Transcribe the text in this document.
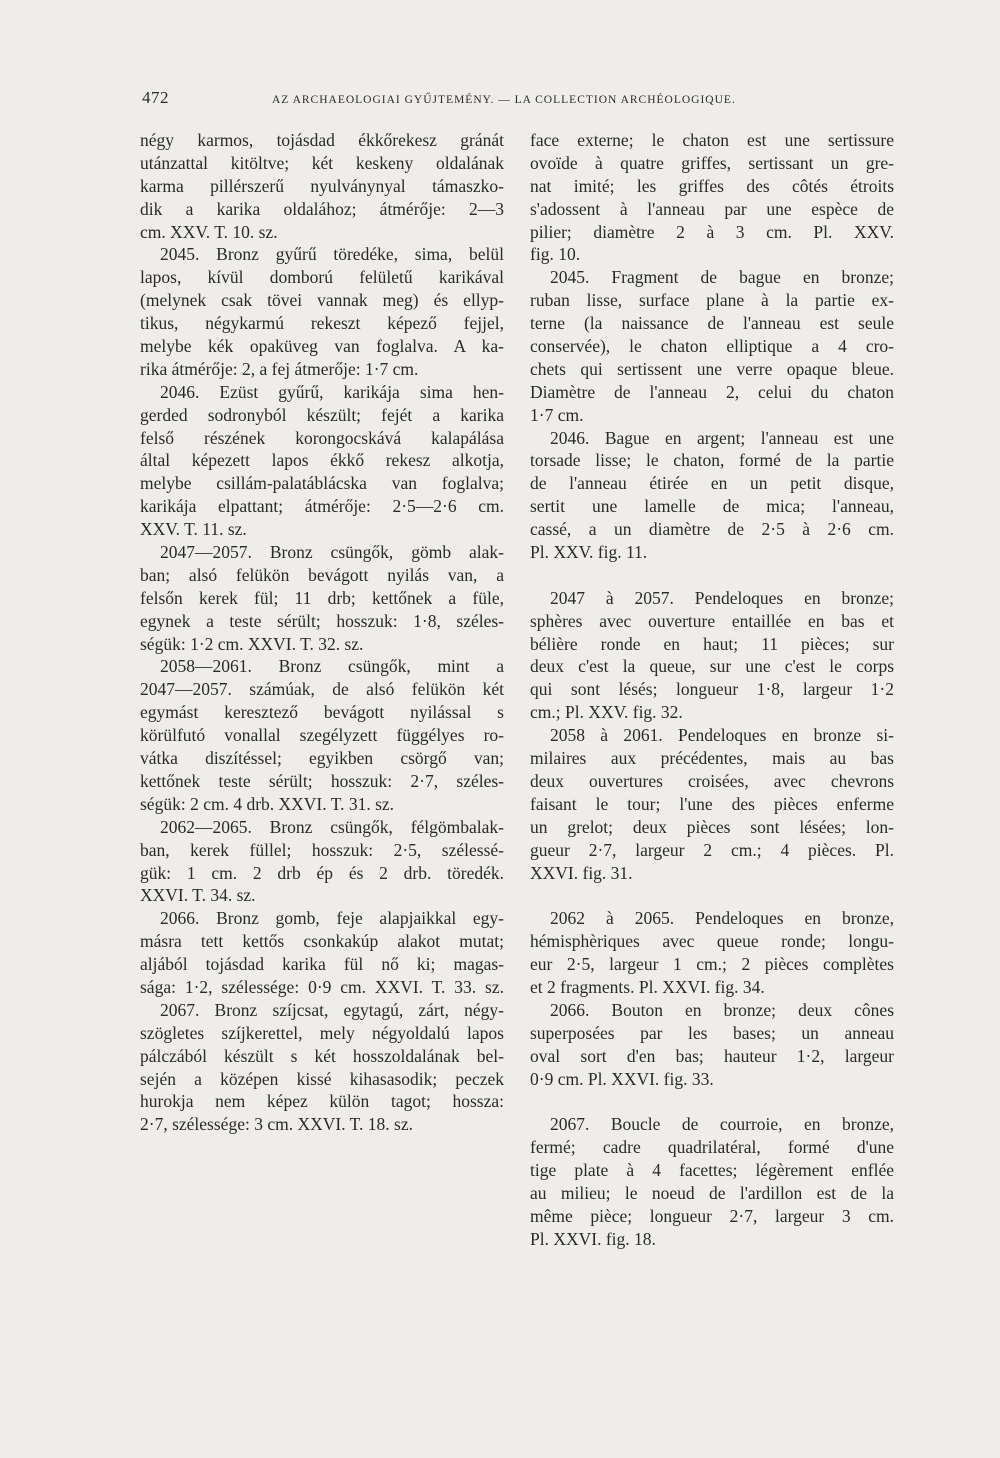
472	AZ ARCHAEOLOGIAI GYŰJTEMÉNY. — LA COLLECTION ARCHÉOLOGIQUE.
négy karmos, tojásdad ékkőrekesz gránát
utánzattal kitöltve; két keskeny oldalának
karma pillérszerű nyulványnyal támaszko-
dik a karika oldalához; átmérője: 2—3
cm. XXV. T. 10. sz.
2045. Bronz gyűrű töredéke, sima, belül
lapos, kívül domború felületű karikával
(melynek csak tövei vannak meg) és ellyp-
tikus, négykarmú rekeszt képező fejjel,
melybe kék opaküveg van foglalva. A ka-
rika átmérője: 2, a fej átmerője: 1·7 cm.
2046. Ezüst gyűrű, karikája sima hen-
gerded sodronyból készült; fejét a karika
felső részének korongocskává kalapálása
által képezett lapos ékkő rekesz alkotja,
melybe csillám-palatáblácska van foglalva;
karikája elpattant; átmérője: 2·5—2·6 cm.
XXV. T. 11. sz.
2047—2057. Bronz csüngők, gömb alak-
ban; alsó felükön bevágott nyilás van, a
felsőn kerek fül; 11 drb; kettőnek a füle,
egynek a teste sérült; hosszuk: 1·8, széles-
ségük: 1·2 cm. XXVI. T. 32. sz.
2058—2061. Bronz csüngők, mint a
2047—2057. számúak, de alsó felükön két
egymást keresztező bevágott nyilással s
körülfutó vonallal szegélyzett függélyes ro-
vátka diszítéssel; egyikben csörgő van;
kettőnek teste sérült; hosszuk: 2·7, széles-
ségük: 2 cm. 4 drb. XXVI. T. 31. sz.
2062—2065. Bronz csüngők, félgömbalak-
ban, kerek füllel; hosszuk: 2·5, szélessé-
gük: 1 cm. 2 drb ép és 2 drb. töredék.
XXVI. T. 34. sz.
2066. Bronz gomb, feje alapjaikkal egy-
másra tett kettős csonkakúp alakot mutat;
aljából tojásdad karika fül nő ki; magas-
sága: 1·2, szélessége: 0·9 cm. XXVI. T. 33. sz.
2067. Bronz szíjcsat, egytagú, zárt, négy-
szögletes szíjkerettel, mely négyoldalú lapos
pálczából készült s két hosszoldalának bel-
sején a középen kissé kihasasodik; peczek
hurokja nem képez külön tagot; hossza:
2·7, szélessége: 3 cm. XXVI. T. 18. sz.
face externe; le chaton est une sertissure
ovoïde à quatre griffes, sertissant un gre-
nat imité; les griffes des côtés étroits
s'adossent à l'anneau par une espèce de
pilier; diamètre 2 à 3 cm. Pl. XXV.
fig. 10.
2045. Fragment de bague en bronze;
ruban lisse, surface plane à la partie ex-
terne (la naissance de l'anneau est seule
conservée), le chaton elliptique a 4 cro-
chets qui sertissent une verre opaque bleue.
Diamètre de l'anneau 2, celui du chaton
1·7 cm.
2046. Bague en argent; l'anneau est une
torsade lisse; le chaton, formé de la partie
de l'anneau étirée en un petit disque,
sertit une lamelle de mica; l'anneau,
cassé, a un diamètre de 2·5 à 2·6 cm.
Pl. XXV. fig. 11.
2047 à 2057. Pendeloques en bronze;
sphères avec ouverture entaillée en bas et
bélière ronde en haut; 11 pièces; sur
deux c'est la queue, sur une c'est le corps
qui sont lésés; longueur 1·8, largeur 1·2
cm.; Pl. XXV. fig. 32.
2058 à 2061. Pendeloques en bronze si-
milaires aux précédentes, mais au bas
deux ouvertures croisées, avec chevrons
faisant le tour; l'une des pièces enferme
un grelot; deux pièces sont lésées; lon-
gueur 2·7, largeur 2 cm.; 4 pièces. Pl.
XXVI. fig. 31.
2062 à 2065. Pendeloques en bronze,
hémisphèriques avec queue ronde; longu-
eur 2·5, largeur 1 cm.; 2 pièces complètes
et 2 fragments. Pl. XXVI. fig. 34.
2066. Bouton en bronze; deux cônes
superposées par les bases; un anneau
oval sort d'en bas; hauteur 1·2, largeur
0·9 cm. Pl. XXVI. fig. 33.
2067. Boucle de courroie, en bronze,
fermé; cadre quadrilatéral, formé d'une
tige plate à 4 facettes; légèrement enflée
au milieu; le noeud de l'ardillon est de la
même pièce; longueur 2·7, largeur 3 cm.
Pl. XXVI. fig. 18.
